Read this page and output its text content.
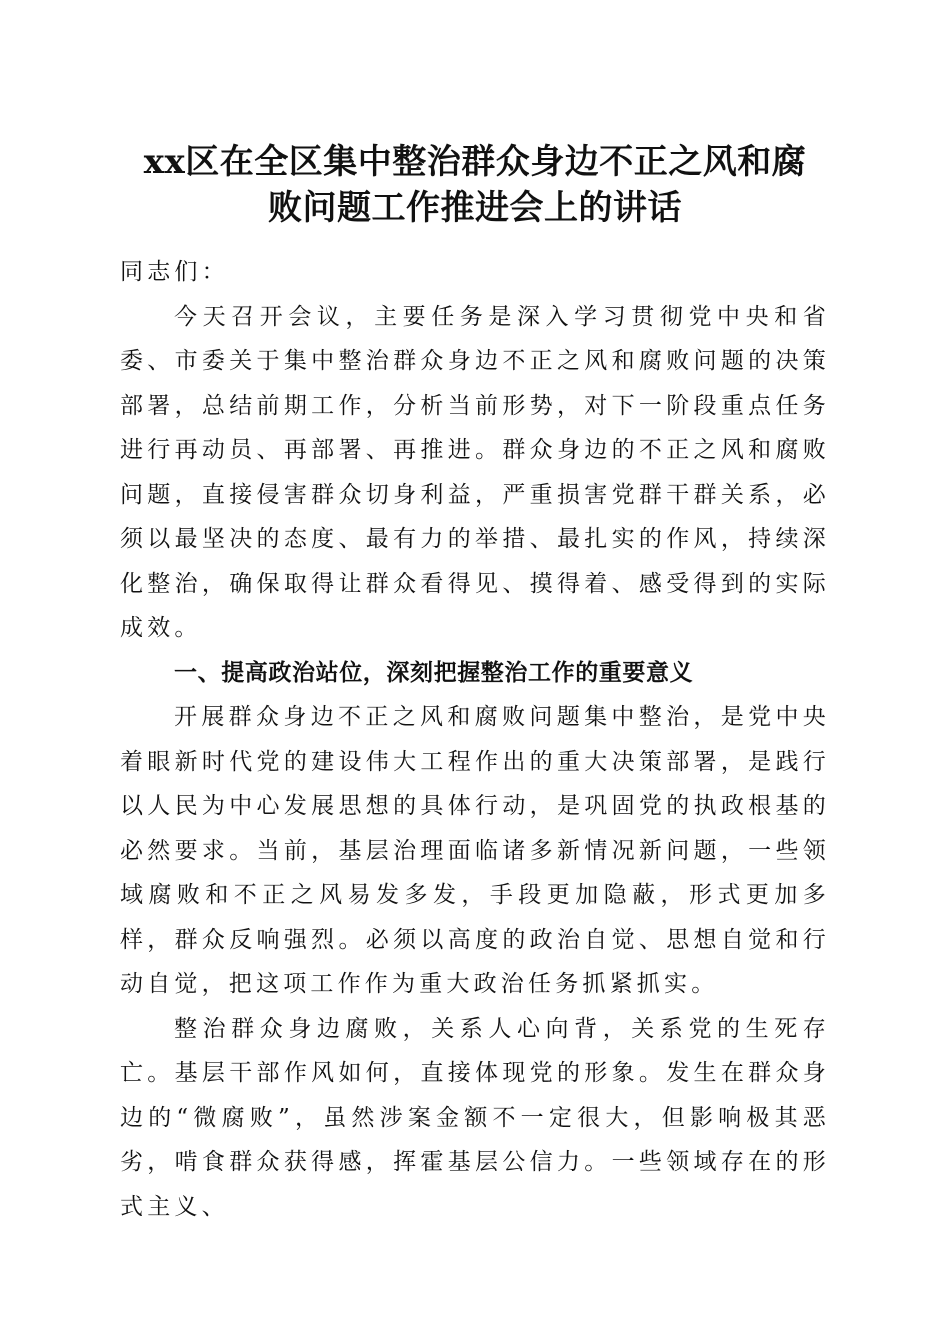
xx区在全区集中整治群众身边不正之风和腐
败问题工作推进会上的讲话

同志们：

今天召开会议，主要任务是深入学习贯彻党中央和省委、市委关于集中整治群众身边不正之风和腐败问题的决策部署，总结前期工作，分析当前形势，对下一阶段重点任务进行再动员、再部署、再推进。群众身边的不正之风和腐败问题，直接侵害群众切身利益，严重损害党群干群关系，必须以最坚决的态度、最有力的举措、最扎实的作风，持续深化整治，确保取得让群众看得见、摸得着、感受得到的实际成效。

一、提高政治站位，深刻把握整治工作的重要意义

开展群众身边不正之风和腐败问题集中整治，是党中央着眼新时代党的建设伟大工程作出的重大决策部署，是践行以人民为中心发展思想的具体行动，是巩固党的执政根基的必然要求。当前，基层治理面临诸多新情况新问题，一些领域腐败和不正之风易发多发，手段更加隐蔽，形式更加多样，群众反响强烈。必须以高度的政治自觉、思想自觉和行动自觉，把这项工作作为重大政治任务抓紧抓实。

整治群众身边腐败，关系人心向背，关系党的生死存亡。基层干部作风如何，直接体现党的形象。发生在群众身边的“微腐败”，虽然涉案金额不一定很大，但影响极其恶劣，啃食群众获得感，挥霍基层公信力。一些领域存在的形式主义、
